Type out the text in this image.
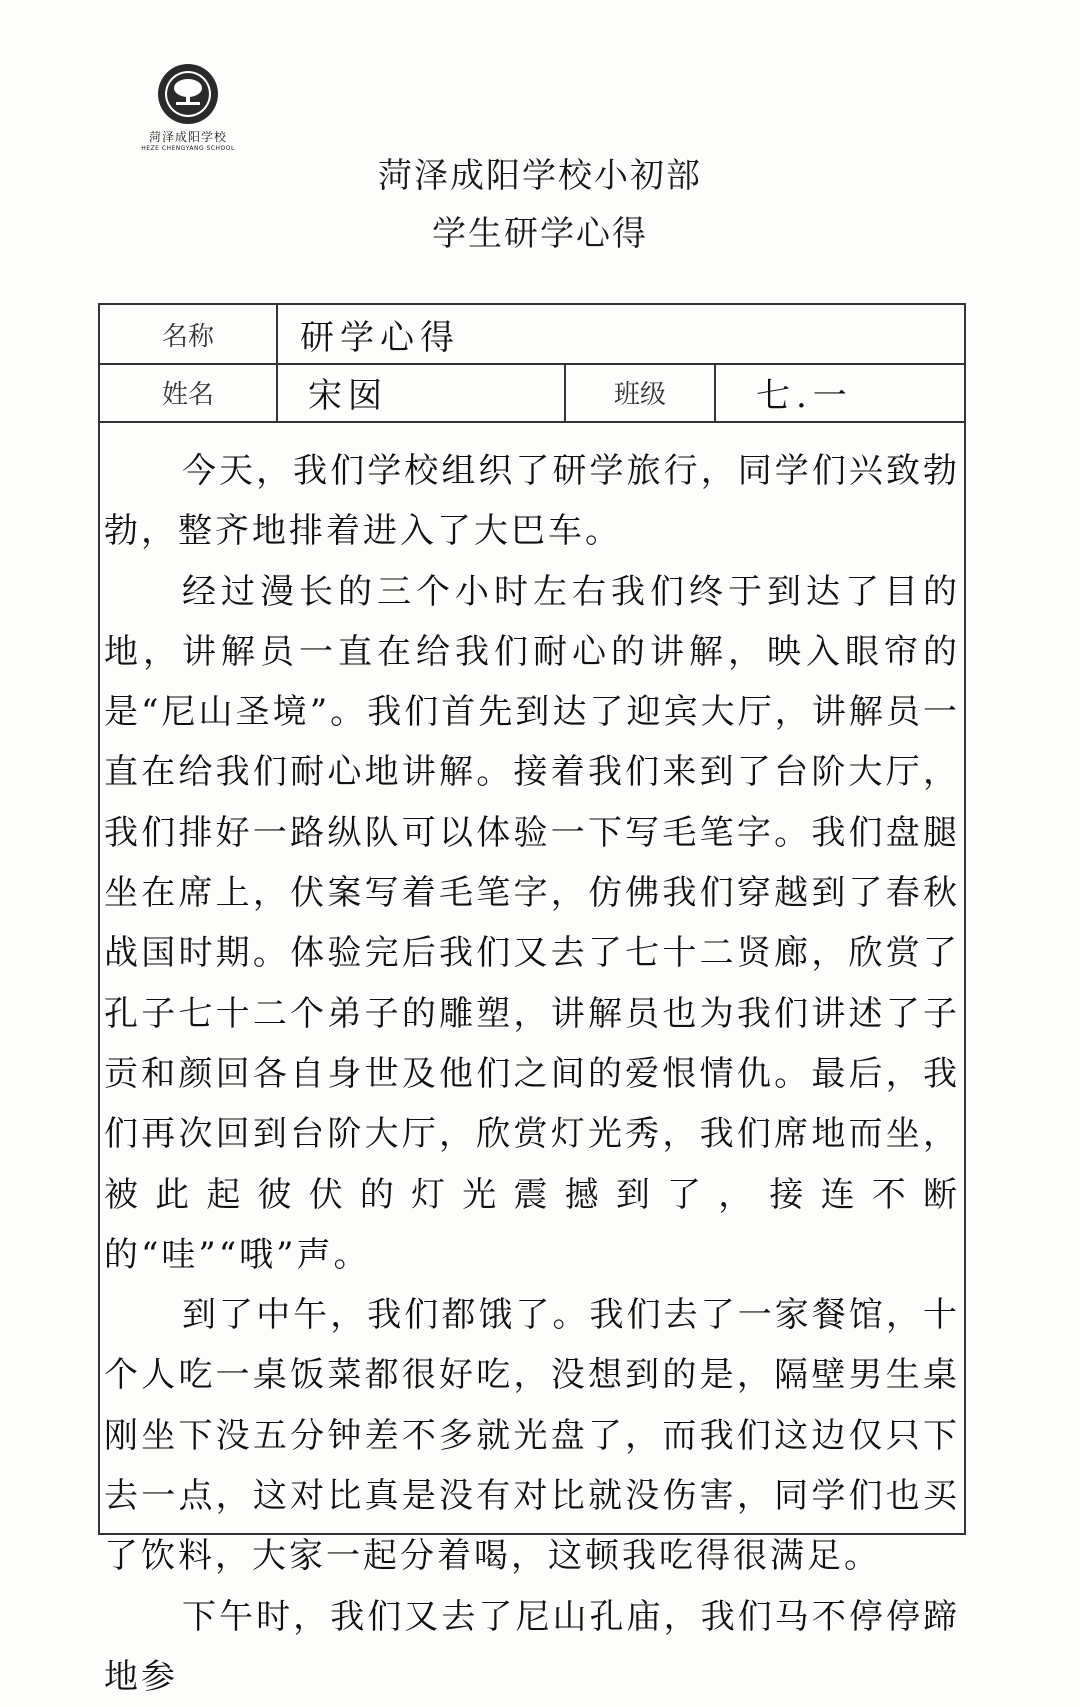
菏泽成阳学校
HEZE CHENGYANG SCHOOL
菏泽成阳学校小初部
学生研学心得
名称	研学心得
姓名	宋囡	班级	七.一

今天，我们学校组织了研学旅行，同学们兴致勃勃，整齐地排着进入了大巴车。

经过漫长的三个小时左右我们终于到达了目的地，讲解员一直在给我们耐心的讲解，映入眼帘的是“尼山圣境”。我们首先到达了迎宾大厅，讲解员一直在给我们耐心地讲解。接着我们来到了台阶大厅，我们排好一路纵队可以体验一下写毛笔字。我们盘腿坐在席上，伏案写着毛笔字，仿佛我们穿越到了春秋战国时期。体验完后我们又去了七十二贤廊，欣赏了孔子七十二个弟子的雕塑，讲解员也为我们讲述了子贡和颜回各自身世及他们之间的爱恨情仇。最后，我们再次回到台阶大厅，欣赏灯光秀，我们席地而坐，被此起彼伏的灯光震撼到了，接连不断的“哇”“哦”声。

到了中午，我们都饿了。我们去了一家餐馆，十个人吃一桌饭菜都很好吃，没想到的是，隔壁男生桌刚坐下没五分钟差不多就光盘了，而我们这边仅只下去一点，这对比真是没有对比就没伤害，同学们也买了饮料，大家一起分着喝，这顿我吃得很满足。

下午时，我们又去了尼山孔庙，我们马不停停蹄地参
